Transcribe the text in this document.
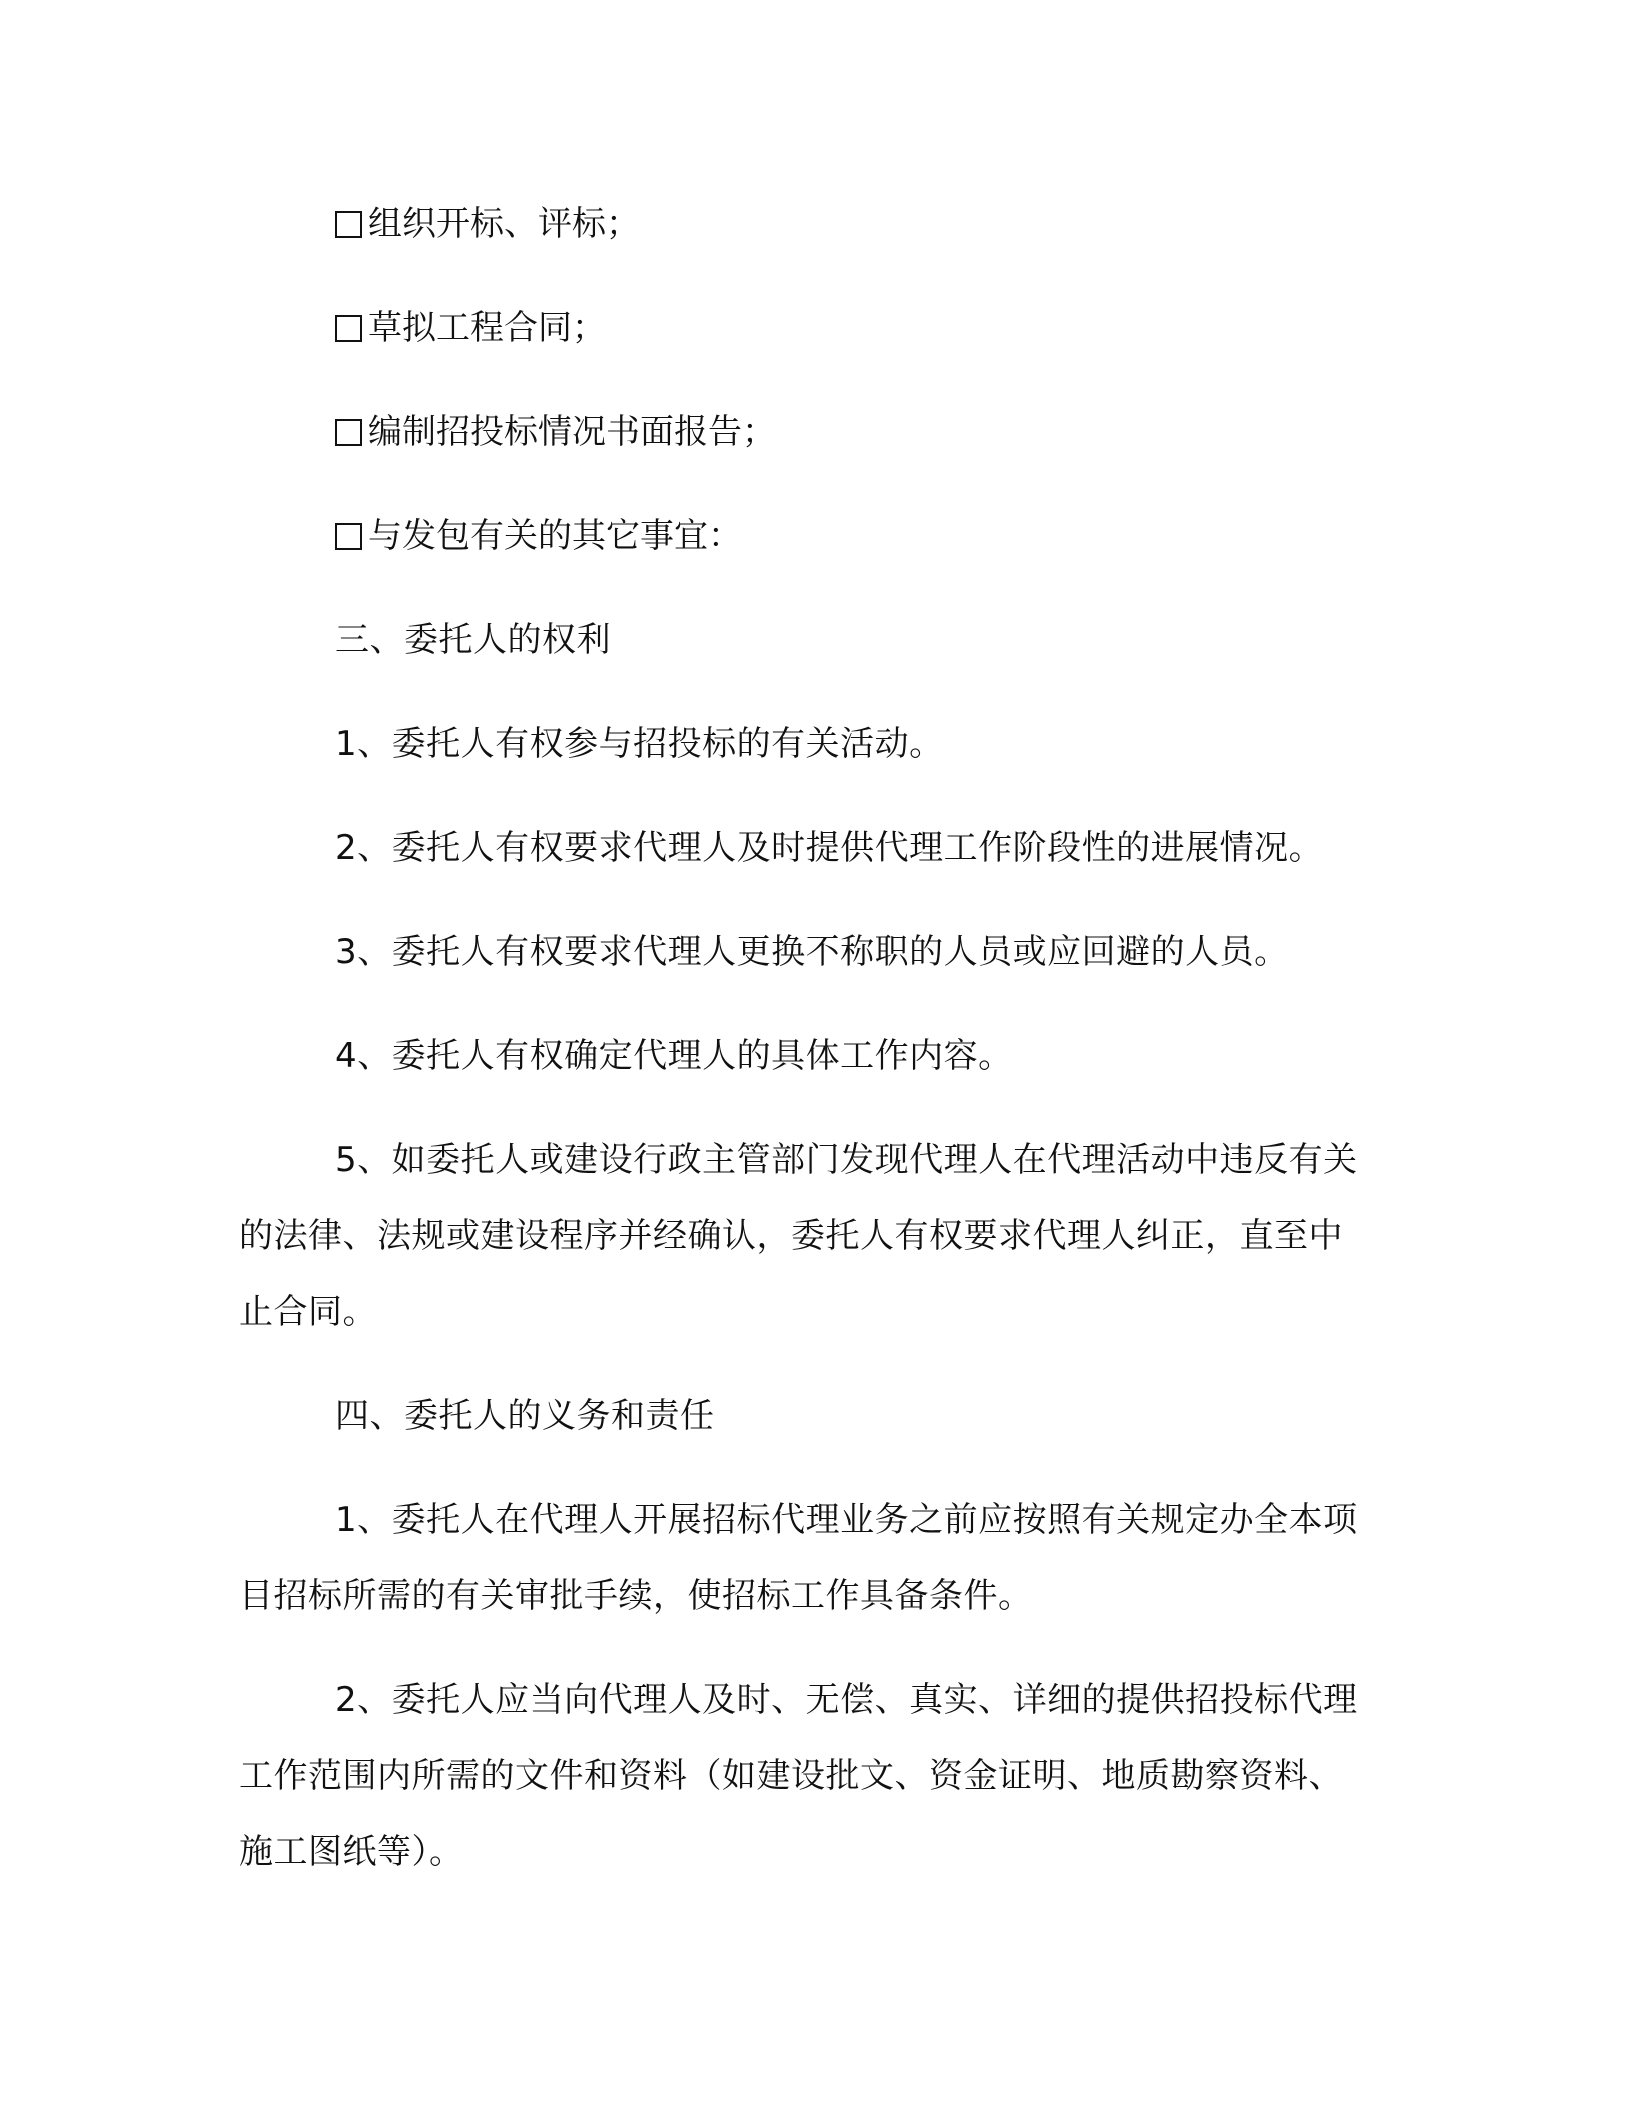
组织开标、评标；
草拟工程合同；
编制招投标情况书面报告；
与发包有关的其它事宜：

三、委托人的权利

1、委托人有权参与招投标的有关活动。

2、委托人有权要求代理人及时提供代理工作阶段性的进展情况。

3、委托人有权要求代理人更换不称职的人员或应回避的人员。

4、委托人有权确定代理人的具体工作内容。

5、如委托人或建设行政主管部门发现代理人在代理活动中违反有关的法律、法规或建设程序并经确认，委托人有权要求代理人纠正，直至中止合同。

四、委托人的义务和责任

1、委托人在代理人开展招标代理业务之前应按照有关规定办全本项目招标所需的有关审批手续，使招标工作具备条件。

2、委托人应当向代理人及时、无偿、真实、详细的提供招投标代理工作范围内所需的文件和资料（如建设批文、资金证明、地质勘察资料、施工图纸等）。
